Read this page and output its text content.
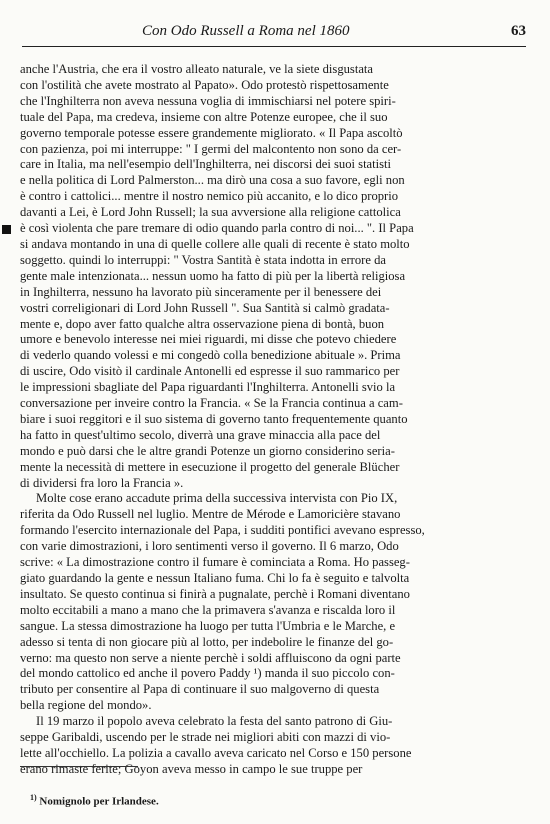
Con Odo Russell a Roma nel 1860	63
anche l'Austria, che era il vostro alleato naturale, ve la siete disgustata
con l'ostilità che avete mostrato al Papato». Odo protestò rispettosamente
che l'Inghilterra non aveva nessuna voglia di immischiarsi nel potere spiri-
tuale del Papa, ma credeva, insieme con altre Potenze europee, che il suo
governo temporale potesse essere grandemente migliorato. « Il Papa ascoltò
con pazienza, poi mi interruppe: " I germi del malcontento non sono da cer-
care in Italia, ma nell'esempio dell'Inghilterra, nei discorsi dei suoi statisti
e nella politica di Lord Palmerston... ma dirò una cosa a suo favore, egli non
è contro i cattolici... mentre il nostro nemico più accanito, e lo dico proprio
davanti a Lei, è Lord John Russell; la sua avversione alla religione cattolica
è così violenta che pare tremare di odio quando parla contro di noi... ". Il Papa
si andava montando in una di quelle collere alle quali di recente è stato molto
soggetto. quindi lo interruppi: " Vostra Santità è stata indotta in errore da
gente male intenzionata... nessun uomo ha fatto di più per la libertà religiosa
in Inghilterra, nessuno ha lavorato più sinceramente per il benessere dei
vostri correligionari di Lord John Russell ". Sua Santità si calmò gradata-
mente e, dopo aver fatto qualche altra osservazione piena di bontà, buon
umore e benevolo interesse nei miei riguardi, mi disse che potevo chiedere
di vederlo quando volessi e mi congedò colla benedizione abituale ». Prima
di uscire, Odo visitò il cardinale Antonelli ed espresse il suo rammarico per
le impressioni sbagliate del Papa riguardanti l'Inghilterra. Antonelli svio la
conversazione per inveire contro la Francia. « Se la Francia continua a cam-
biare i suoi reggitori e il suo sistema di governo tanto frequentemente quanto
ha fatto in quest'ultimo secolo, diverrà una grave minaccia alla pace del
mondo e può darsi che le altre grandi Potenze un giorno considerino seria-
mente la necessità di mettere in esecuzione il progetto del generale Blücher
di dividersi fra loro la Francia ».
Molte cose erano accadute prima della successiva intervista con Pio IX,
riferita da Odo Russell nel luglio. Mentre de Mérode e Lamoricière stavano
formando l'esercito internazionale del Papa, i sudditi pontifici avevano espresso,
con varie dimostrazioni, i loro sentimenti verso il governo. Il 6 marzo, Odo
scrive: « La dimostrazione contro il fumare è cominciata a Roma. Ho passeg-
giato guardando la gente e nessun Italiano fuma. Chi lo fa è seguito e talvolta
insultato. Se questo continua si finirà a pugnalate, perchè i Romani diventano
molto eccitabili a mano a mano che la primavera s'avanza e riscalda loro il
sangue. La stessa dimostrazione ha luogo per tutta l'Umbria e le Marche, e
adesso si tenta di non giocare più al lotto, per indebolire le finanze del go-
verno: ma questo non serve a niente perchè i soldi affluiscono da ogni parte
del mondo cattolico ed anche il povero Paddy ¹) manda il suo piccolo con-
tributo per consentire al Papa di continuare il suo malgoverno di questa
bella regione del mondo».
Il 19 marzo il popolo aveva celebrato la festa del santo patrono di Giu-
seppe Garibaldi, uscendo per le strade nei migliori abiti con mazzi di vio-
lette all'occhiello. La polizia a cavallo aveva caricato nel Corso e 150 persone
erano rimaste ferite; Goyon aveva messo in campo le sue truppe per
$^{1)}$ Nomignolo per Irlandese.
